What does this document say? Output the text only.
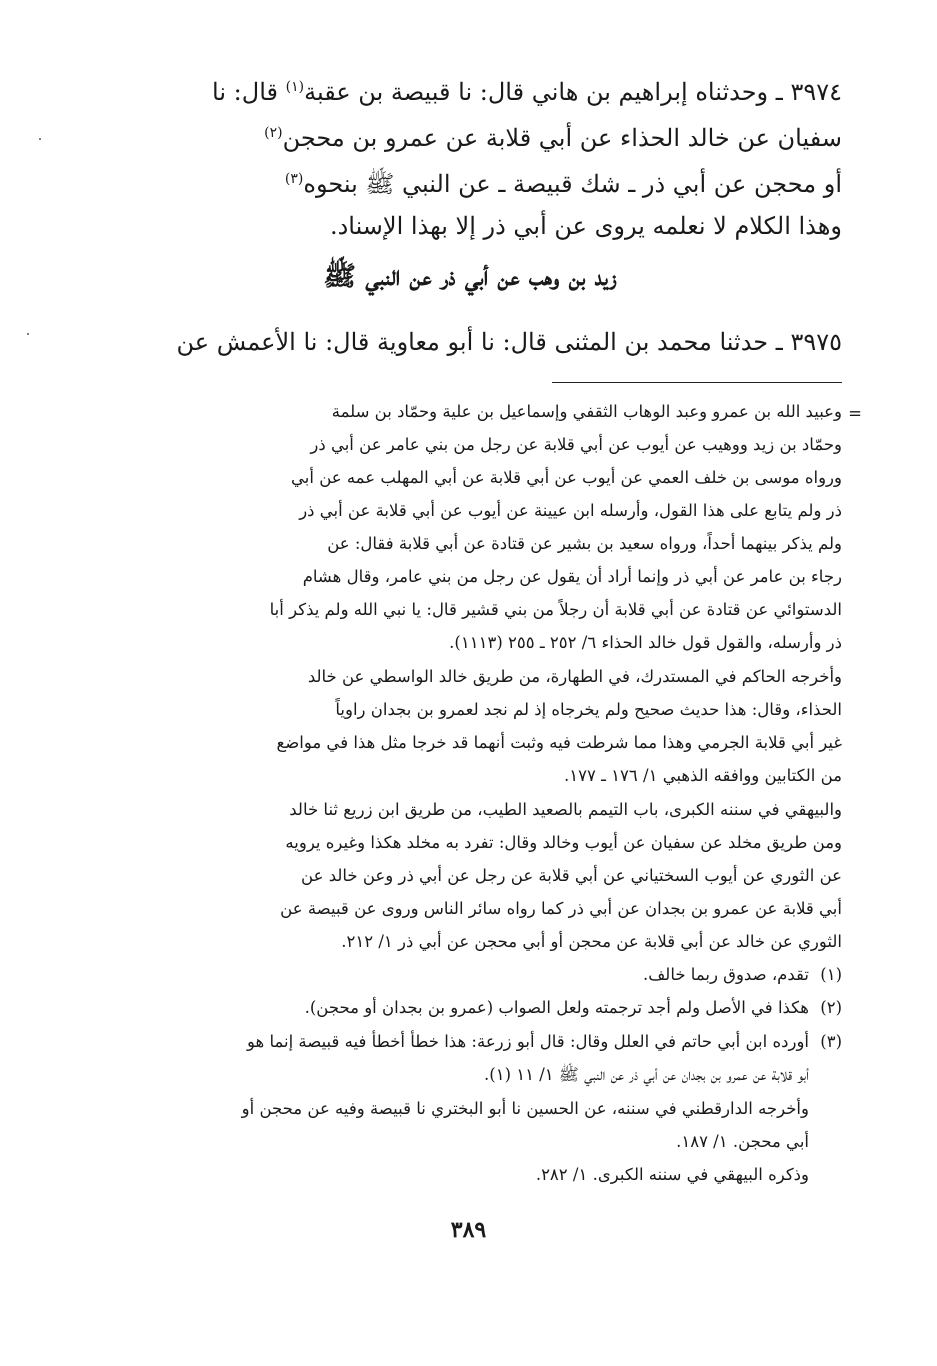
٣٩٧٤ ـ وحدثناه إبراهيم بن هاني قال: نا قبيصة بن عقبة$^{(١)}$ قال: نا
سفيان عن خالد الحذاء عن أبي قلابة عن عمرو بن محجن$^{(٢)}$
أو محجن عن أبي ذر ـ شك قبيصة ـ عن النبي ﷺ بنحوه$^{(٣)}$
وهذا الكلام لا نعلمه يروى عن أبي ذر إلا بهذا الإسناد.
زيد بن وهب عن أبي ذر عن النبي ﷺ
٣٩٧٥ ـ حدثنا محمد بن المثنى قال: نا أبو معاوية قال: نا الأعمش عن
=
وعبيد الله بن عمرو وعبد الوهاب الثقفي وإسماعيل بن علية وحمّاد بن سلمة
وحمّاد بن زيد ووهيب عن أيوب عن أبي قلابة عن رجل من بني عامر عن أبي ذر
ورواه موسى بن خلف العمي عن أيوب عن أبي قلابة عن أبي المهلب عمه عن أبي
ذر ولم يتابع على هذا القول، وأرسله ابن عيينة عن أيوب عن أبي قلابة عن أبي ذر
ولم يذكر بينهما أحداً، ورواه سعيد بن بشير عن قتادة عن أبي قلابة فقال: عن
رجاء بن عامر عن أبي ذر وإنما أراد أن يقول عن رجل من بني عامر، وقال هشام
الدستوائي عن قتادة عن أبي قلابة أن رجلاً من بني قشير قال: يا نبي الله ولم يذكر أبا
ذر وأرسله، والقول قول خالد الحذاء ٦/ ٢٥٢ ـ ٢٥٥ (١١١٣).
وأخرجه الحاكم في المستدرك، في الطهارة، من طريق خالد الواسطي عن خالد
الحذاء، وقال: هذا حديث صحيح ولم يخرجاه إذ لم نجد لعمرو بن بجدان راوياً
غير أبي قلابة الجرمي وهذا مما شرطت فيه وثبت أنهما قد خرجا مثل هذا في مواضع
من الكتابين ووافقه الذهبي ١/ ١٧٦ ـ ١٧٧.
والبيهقي في سننه الكبرى، باب التيمم بالصعيد الطيب، من طريق ابن زريع ثنا خالد
ومن طريق مخلد عن سفيان عن أيوب وخالد وقال: تفرد به مخلد هكذا وغيره يرويه
عن الثوري عن أيوب السختياني عن أبي قلابة عن رجل عن أبي ذر وعن خالد عن
أبي قلابة عن عمرو بن بجدان عن أبي ذر كما رواه سائر الناس وروى عن قبيصة عن
الثوري عن خالد عن أبي قلابة عن محجن أو أبي محجن عن أبي ذر ١/ ٢١٢.
(١)
تقدم، صدوق ربما خالف.
(٢)
هكذا في الأصل ولم أجد ترجمته ولعل الصواب (عمرو بن بجدان أو محجن).
(٣)
أورده ابن أبي حاتم في العلل وقال: قال أبو زرعة: هذا خطأ أخطأ فيه قبيصة إنما هو
أبو قلابة عن عمرو بن بجدان عن أبي ذر عن النبي ﷺ ١/ ١١ (١).
وأخرجه الدارقطني في سننه، عن الحسين نا أبو البختري نا قبيصة وفيه عن محجن أو
أبي محجن. ١/ ١٨٧.
وذكره البيهقي في سننه الكبرى. ١/ ٢٨٢.
٣٨٩
